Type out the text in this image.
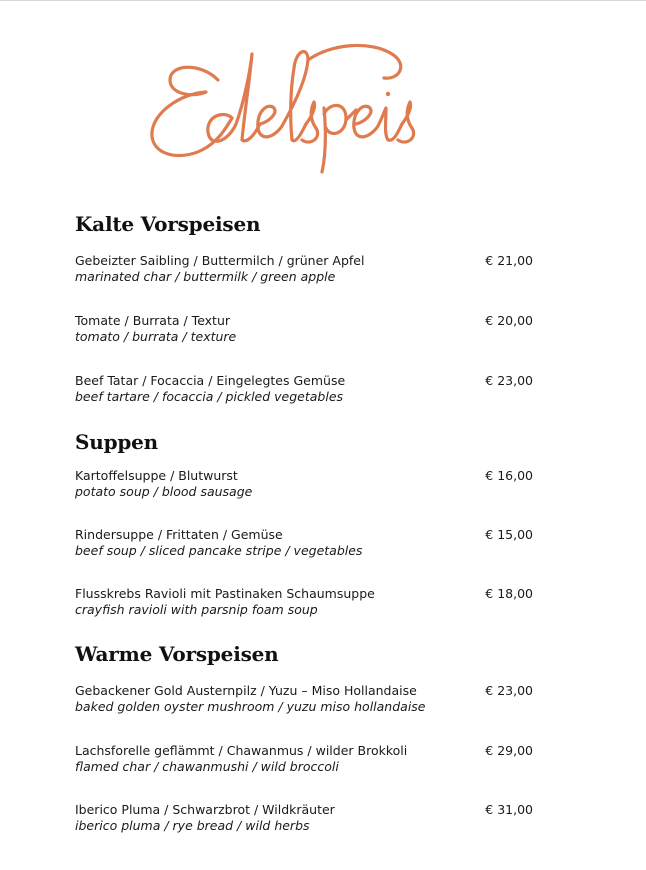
Kalte Vorspeisen
Gebeizter Saibling / Buttermilch / grüner Apfel
marinated char / buttermilk / green apple
€ 21,00
Tomate / Burrata / Textur
tomato / burrata / texture
€ 20,00
Beef Tatar / Focaccia / Eingelegtes Gemüse
beef tartare / focaccia / pickled vegetables
€ 23,00
Suppen
Kartoffelsuppe / Blutwurst
potato soup / blood sausage
€ 16,00
Rindersuppe / Frittaten / Gemüse
beef soup / sliced pancake stripe / vegetables
€ 15,00
Flusskrebs Ravioli mit Pastinaken Schaumsuppe
crayfish ravioli with parsnip foam soup
€ 18,00
Warme Vorspeisen
Gebackener Gold Austernpilz / Yuzu – Miso Hollandaise
baked golden oyster mushroom / yuzu miso hollandaise
€ 23,00
Lachsforelle geflämmt / Chawanmus / wilder Brokkoli
flamed char / chawanmushi / wild broccoli
€ 29,00
Iberico Pluma / Schwarzbrot / Wildkräuter
iberico pluma / rye bread / wild herbs
€ 31,00
